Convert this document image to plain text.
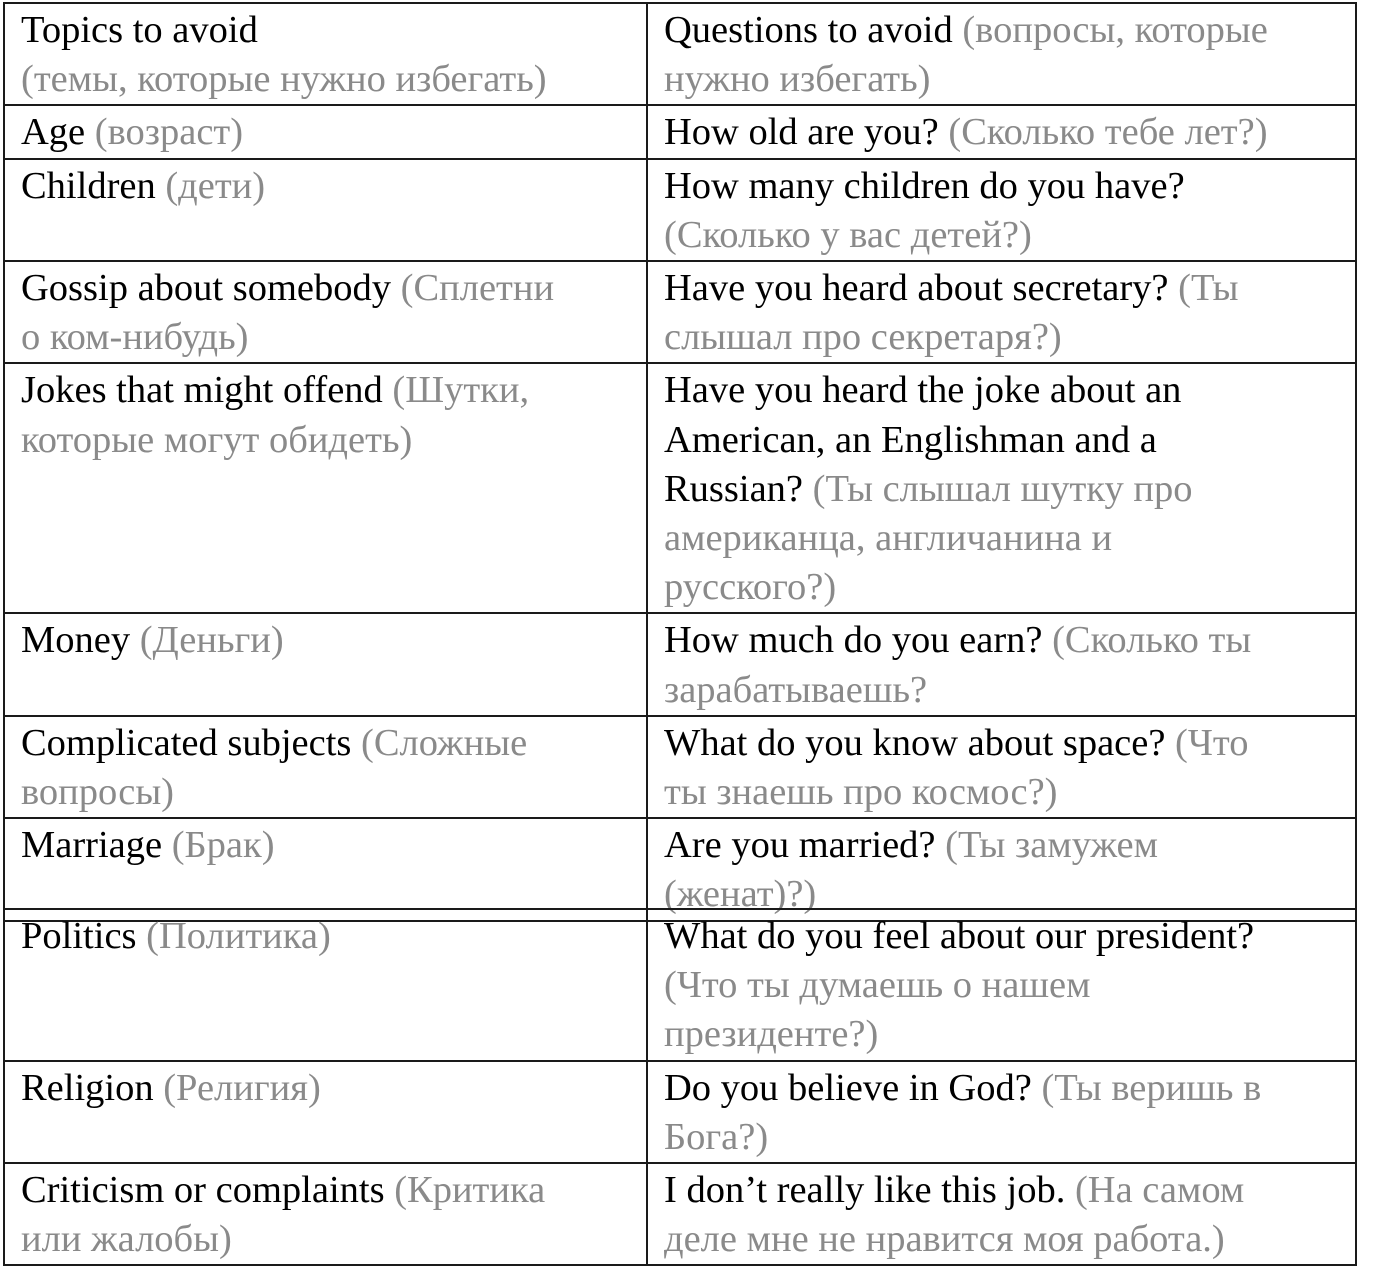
Topics to avoid
(темы, которые нужно избегать)	Questions to avoid (вопросы, которые
нужно избегать)
Age (возраст)	How old are you? (Сколько тебе лет?)
Children (дети)	How many children do you have?
(Сколько у вас детей?)
Gossip about somebody (Сплетни
о ком-нибудь)	Have you heard about secretary? (Ты
слышал про секретаря?)
Jokes that might offend (Шутки,
которые могут обидеть)	Have you heard the joke about an
American, an Englishman and a
Russian? (Ты слышал шутку про
американца, англичанина и
русского?)
Money (Деньги)	How much do you earn? (Сколько ты
зарабатываешь?
Complicated subjects (Сложные
вопросы)	What do you know about space? (Что
ты знаешь про космос?)
Marriage (Брак)	Are you married? (Ты замужем
(женат)?)
Politics (Политика)	What do you feel about our president?
(Что ты думаешь о нашем
президенте?)
Religion (Религия)	Do you believe in God? (Ты веришь в
Бога?)
Criticism or complaints (Критика
или жалобы)	I don’t really like this job. (На самом
деле мне не нравится моя работа.)
